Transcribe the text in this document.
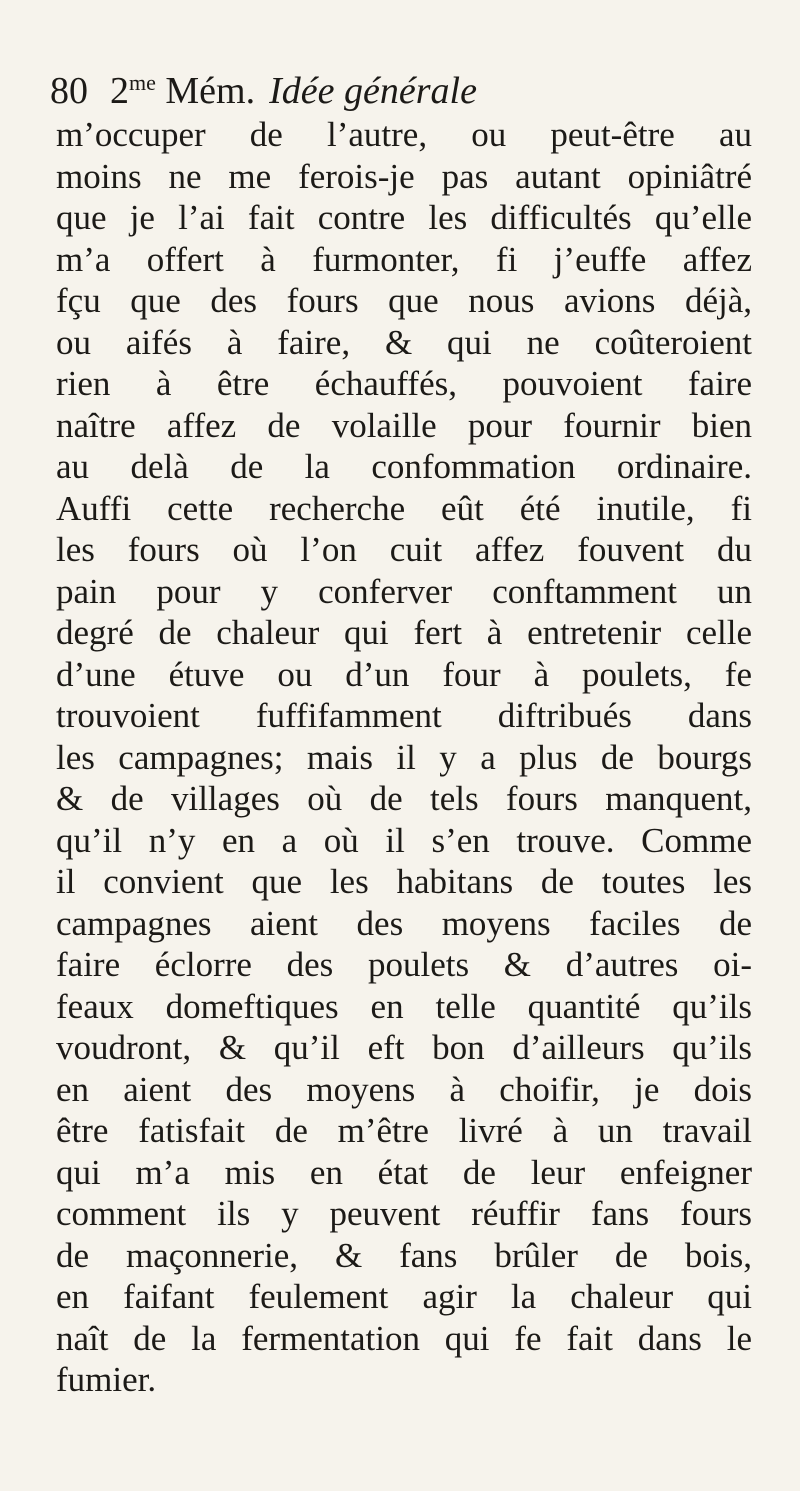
80 $2^{me}$ Mém. Idée générale
m’occuper de l’autre, ou peut-être au
moins ne me ferois-je pas autant opiniâtré
que je l’ai fait contre les difficultés qu’elle
m’a offert à furmonter, fi j’euffe affez
fçu que des fours que nous avions déjà,
ou aifés à faire, & qui ne coûteroient
rien à être échauffés, pouvoient faire
naître affez de volaille pour fournir bien
au delà de la confommation ordinaire.
Auffi cette recherche eût été inutile, fi
les fours où l’on cuit affez fouvent du
pain pour y conferver conftamment un
degré de chaleur qui fert à entretenir celle
d’une étuve ou d’un four à poulets, fe
trouvoient fuffifamment diftribués dans
les campagnes; mais il y a plus de bourgs
& de villages où de tels fours manquent,
qu’il n’y en a où il s’en trouve. Comme
il convient que les habitans de toutes les
campagnes aient des moyens faciles de
faire éclorre des poulets & d’autres oi-
feaux domeftiques en telle quantité qu’ils
voudront, & qu’il eft bon d’ailleurs qu’ils
en aient des moyens à choifir, je dois
être fatisfait de m’être livré à un travail
qui m’a mis en état de leur enfeigner
comment ils y peuvent réuffir fans fours
de maçonnerie, & fans brûler de bois,
en faifant feulement agir la chaleur qui
naît de la fermentation qui fe fait dans le
fumier.
